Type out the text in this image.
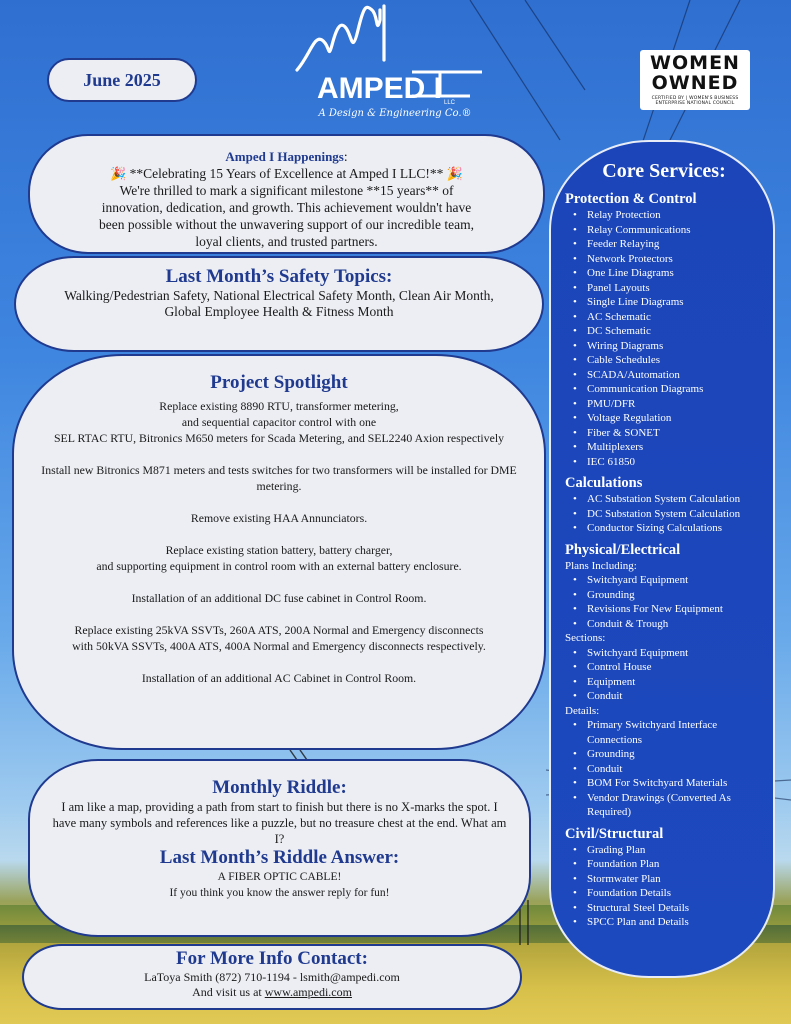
June 2025	AMPED I LLC
A Design & Engineering Co.®
WOMEN
OWNED
CERTIFIED BY | WOMEN'S BUSINESS ENTERPRISE NATIONAL COUNCIL
Amped I Happenings:
🎉 **Celebrating 15 Years of Excellence at Amped I LLC!** 🎉
We're thrilled to mark a significant milestone **15 years** of innovation, dedication, and growth. This achievement wouldn't have been possible without the unwavering support of our incredible team, loyal clients, and trusted partners.
Last Month’s Safety Topics:
Walking/Pedestrian Safety, National Electrical Safety Month, Clean Air Month,
Global Employee Health & Fitness Month
Project Spotlight

Replace existing 8890 RTU, transformer metering,
and sequential capacitor control with one
SEL RTAC RTU, Bitronics M650 meters for Scada Metering, and SEL2240 Axion respectively

Install new Bitronics M871 meters and tests switches for two transformers will be installed for DME metering.

Remove existing HAA Annunciators.

Replace existing station battery, battery charger,
and supporting equipment in control room with an external battery enclosure.

Installation of an additional DC fuse cabinet in Control Room.

Replace existing 25kVA SSVTs, 260A ATS, 200A Normal and Emergency disconnects
with 50kVA SSVTs, 400A ATS, 400A Normal and Emergency disconnects respectively.

Installation of an additional AC Cabinet in Control Room.

Monthly Riddle:
I am like a map, providing a path from start to finish but there is no X-marks the spot. I have many symbols and references like a puzzle, but no treasure chest at the end. What am I?
Last Month’s Riddle Answer:
A FIBER OPTIC CABLE!
If you think you know the answer reply for fun!
For More Info Contact:
LaToya Smith (872) 710-1194 - lsmith@ampedi.com
And visit us at www.ampedi.com
Core Services:
Protection & Control
• Relay Protection
• Relay Communications
• Feeder Relaying
• Network Protectors
• One Line Diagrams
• Panel Layouts
• Single Line Diagrams
• AC Schematic
• DC Schematic
• Wiring Diagrams
• Cable Schedules
• SCADA/Automation
• Communication Diagrams
• PMU/DFR
• Voltage Regulation
• Fiber & SONET
• Multiplexers
• IEC 61850
Calculations
• AC Substation System Calculation
• DC Substation System Calculation
• Conductor Sizing Calculations
Physical/Electrical
Plans Including:
• Switchyard Equipment
• Grounding
• Revisions For New Equipment
• Conduit & Trough
Sections:
• Switchyard Equipment
• Control House
• Equipment
• Conduit
Details:
• Primary Switchyard Interface Connections
• Grounding
• Conduit
• BOM For Switchyard Materials
• Vendor Drawings (Converted As Required)
Civil/Structural
• Grading Plan
• Foundation Plan
• Stormwater Plan
• Foundation Details
• Structural Steel Details
• SPCC Plan and Details
